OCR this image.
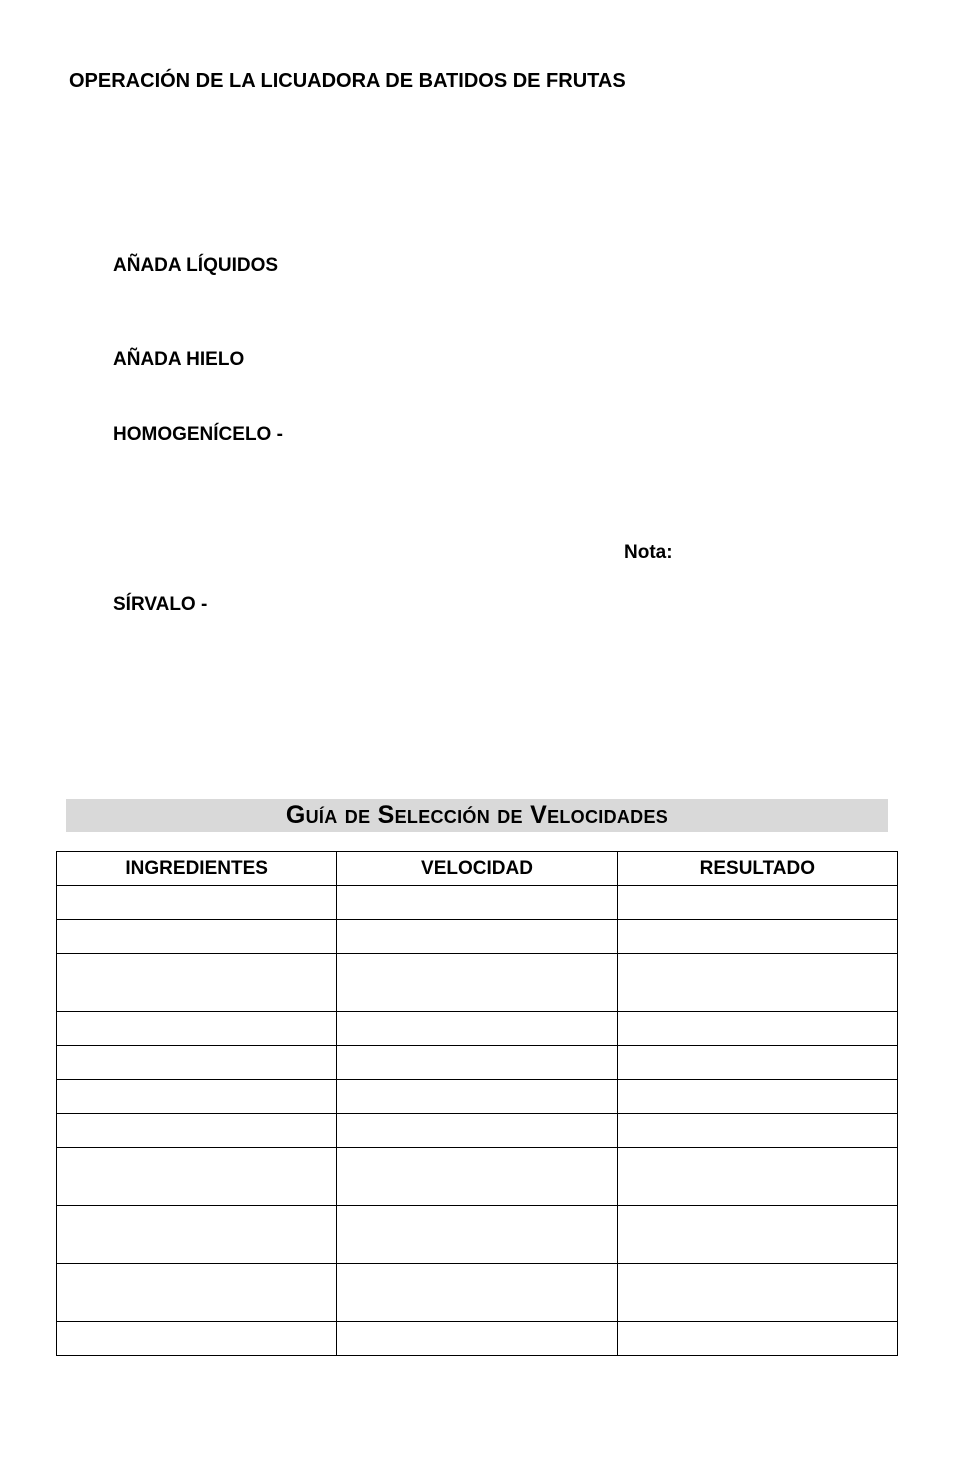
OPERACIÓN DE LA LICUADORA DE BATIDOS DE FRUTAS
AÑADA LÍQUIDOS
AÑADA HIELO
HOMOGENÍCELO -
Nota:
SÍRVALO -
Guía de Selección de Velocidades
INGREDIENTES	VELOCIDAD	RESULTADO
